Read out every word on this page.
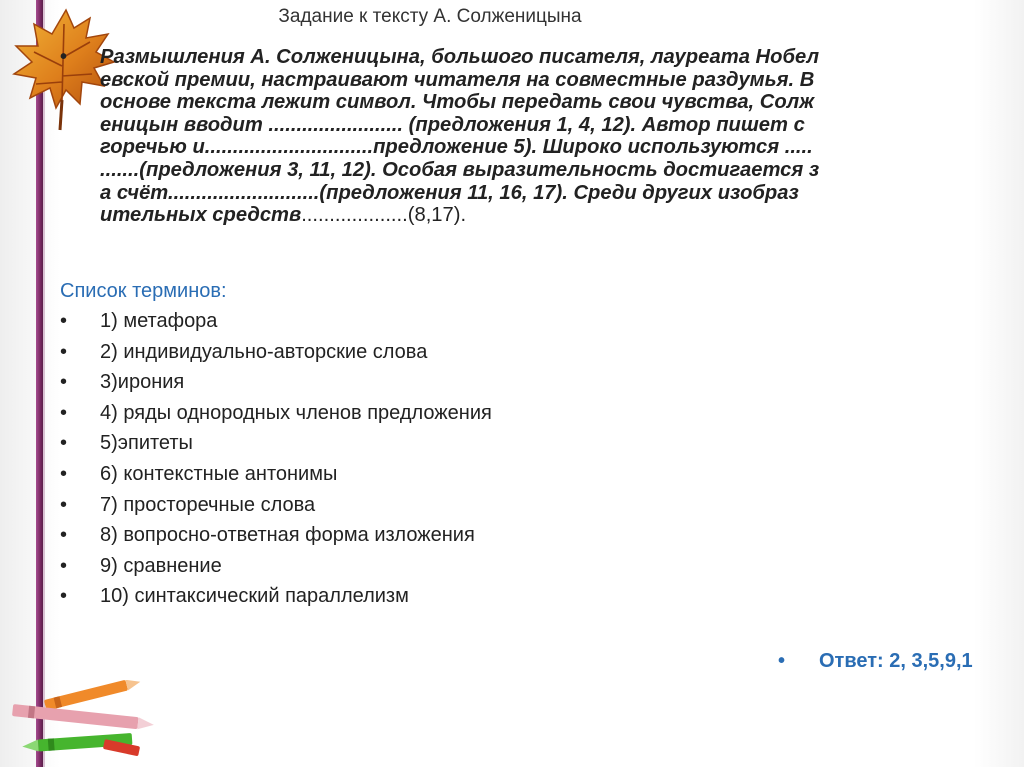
Задание к тексту А. Солженицына
• Размышления А. Солженицына, большого писателя, лауреата Нобел
евской премии, настраивают читателя на совместные раздумья. В
основе текста лежит символ. Чтобы передать свои чувства, Солж
еницын вводит ........................ (предложения 1, 4, 12). Автор пишет с
горечью и..............................предложение 5). Широко используются .....
.......(предложения 3, 11, 12). Особая выразительность достигается з
а счёт...........................(предложения 11, 16, 17). Среди других изобраз
ительных средств...................(8,17).
Список терминов:
• 1) метафора
• 2) индивидуально-авторские слова
• 3)ирония
• 4) ряды однородных членов предложения
• 5)эпитеты
• 6) контекстные антонимы
• 7) просторечные слова
• 8) вопросно-ответная форма изложения
• 9) сравнение
• 10) синтаксический параллелизм
• Ответ: 2, 3,5,9,1
